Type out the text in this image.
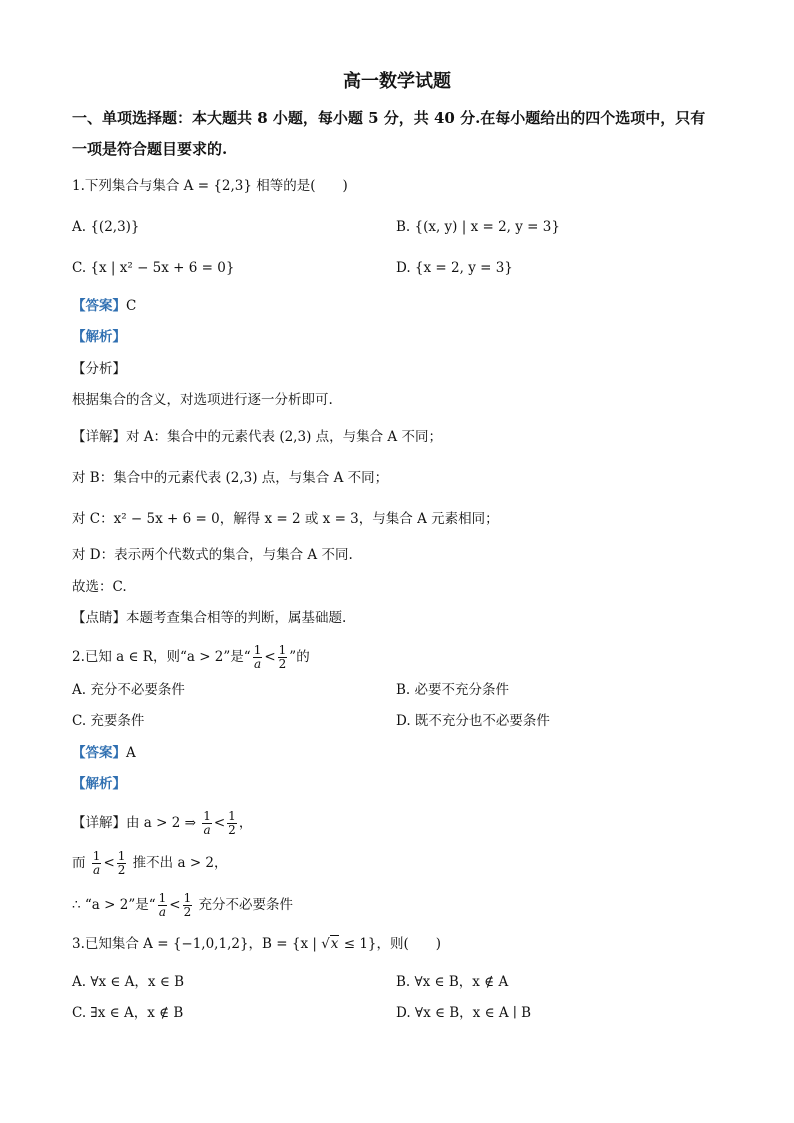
高一数学试题
一、单项选择题：本大题共 8 小题，每小题 5 分，共 40 分.在每小题给出的四个选项中，只有
一项是符合题目要求的.
1.下列集合与集合 A = {2,3} 相等的是(　　)
A. {(2,3)}	B. {(x, y) | x = 2, y = 3}
C. {x | x² − 5x + 6 = 0}	D. {x = 2, y = 3}
【答案】C
【解析】
【分析】
根据集合的含义，对选项进行逐一分析即可.
【详解】对 A：集合中的元素代表 (2,3) 点，与集合 A 不同；
对 B：集合中的元素代表 (2,3) 点，与集合 A 不同；
对 C：x² − 5x + 6 = 0，解得 x = 2 或 x = 3，与集合 A 元素相同；
对 D：表示两个代数式的集合，与集合 A 不同.
故选：C.
【点睛】本题考查集合相等的判断，属基础题.
2.已知 a ∈ R，则“a > 2”是“ $\frac{1}{a} < \frac{1}{2}$ ”的
A. 充分不必要条件	B. 必要不充分条件
C. 充要条件	D. 既不充分也不必要条件
【答案】A
【解析】
【详解】由 a > 2 ⇒ $\frac{1}{a} < \frac{1}{2}$ ，
而 $\frac{1}{a} < \frac{1}{2}$ 推不出 a > 2，
∴ “a > 2”是“ $\frac{1}{a} < \frac{1}{2}$ 充分不必要条件
3.已知集合 A = {−1,0,1,2}，B = {x | √x ≤ 1}，则(　　)
A. ∀x ∈ A，x ∈ B	B. ∀x ∈ B，x ∉ A
C. ∃x ∈ A，x ∉ B	D. ∀x ∈ B，x ∈ A ∣ B
